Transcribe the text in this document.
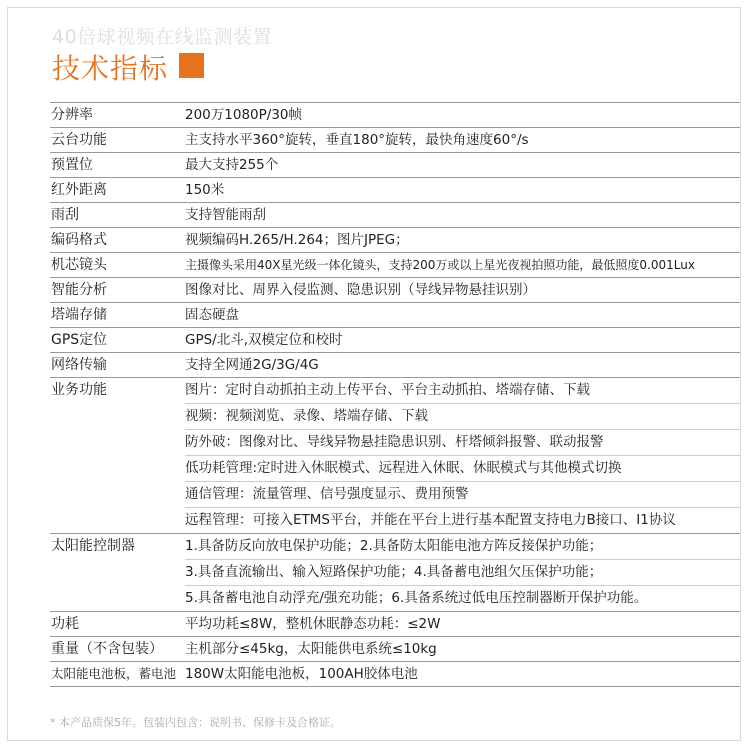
40倍球视频在线监测装置
技术指标
分辨率	200万1080P/30帧
云台功能	主支持水平360°旋转，垂直180°旋转，最快角速度60°/s
预置位	最大支持255个
红外距离	150米
雨刮	支持智能雨刮
编码格式	视频编码H.265/H.264；图片JPEG；
机芯镜头	主摄像头采用40X星光级一体化镜头，支持200万或以上星光夜视拍照功能，最低照度0.001Lux
智能分析	图像对比、周界入侵监测、隐患识别（导线异物悬挂识别）
塔端存储	固态硬盘
GPS定位	GPS/北斗,双模定位和校时
网络传输	支持全网通2G/3G/4G
业务功能	图片：定时自动抓拍主动上传平台、平台主动抓拍、塔端存储、下载
视频：视频浏览、录像、塔端存储、下载
防外破：图像对比、导线异物悬挂隐患识别、杆塔倾斜报警、联动报警
低功耗管理:定时进入休眠模式、远程进入休眠、休眠模式与其他模式切换
通信管理：流量管理、信号强度显示、费用预警
远程管理：可接入ETMS平台，并能在平台上进行基本配置支持电力B接口、I1协议
太阳能控制器	1.具备防反向放电保护功能；2.具备防太阳能电池方阵反接保护功能；
3.具备直流输出、输入短路保护功能；4.具备蓄电池组欠压保护功能；
5.具备蓄电池自动浮充/强充功能；6.具备系统过低电压控制器断开保护功能。
功耗	平均功耗≤8W，整机休眠静态功耗：≤2W
重量（不含包装）	主机部分≤45kg，太阳能供电系统≤10kg
太阳能电池板，蓄电池 180W太阳能电池板，100AH胶体电池
* 本产品质保5年。包装内包含：说明书、保修卡及合格证。
